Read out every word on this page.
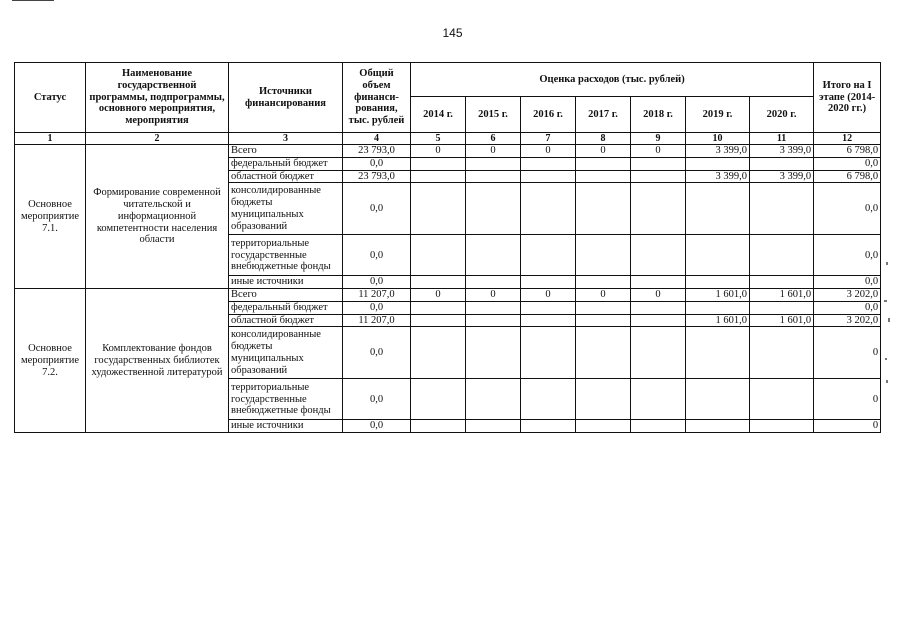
145
Статус	Наименование государственной программы, подпрограммы, основного мероприятия, мероприятия	Источники финансирования	Общий объем финанси-рования, тыс. рублей	Оценка расходов (тыс. рублей)							Итого на I этапе (2014-2020 гг.)
				2014 г.	2015 г.	2016 г.	2017 г.	2018 г.	2019 г.	2020 г.	
1	2	3	4	5	6	7	8	9	10	11	12
Основное мероприятие 7.1.	Формирование современной читательской и информационной компетентности населения области	Всего	23 793,0	0	0	0	0	0	3 399,0	3 399,0	6 798,0
		федеральный бюджет	0,0								0,0
		областной бюджет	23 793,0						3 399,0	3 399,0	6 798,0
		консолидированные бюджеты муниципальных образований	0,0								0,0
		территориальные государственные внебюджетные фонды	0,0								0,0
		иные источники	0,0								0,0
Основное мероприятие 7.2.	Комплектование фондов государственных библиотек художественной литературой	Всего	11 207,0	0	0	0	0	0	1 601,0	1 601,0	3 202,0
		федеральный бюджет	0,0								0,0
		областной бюджет	11 207,0						1 601,0	1 601,0	3 202,0
		консолидированные бюджеты муниципальных образований	0,0								0
		территориальные государственные внебюджетные фонды	0,0								0
		иные источники	0,0								0
